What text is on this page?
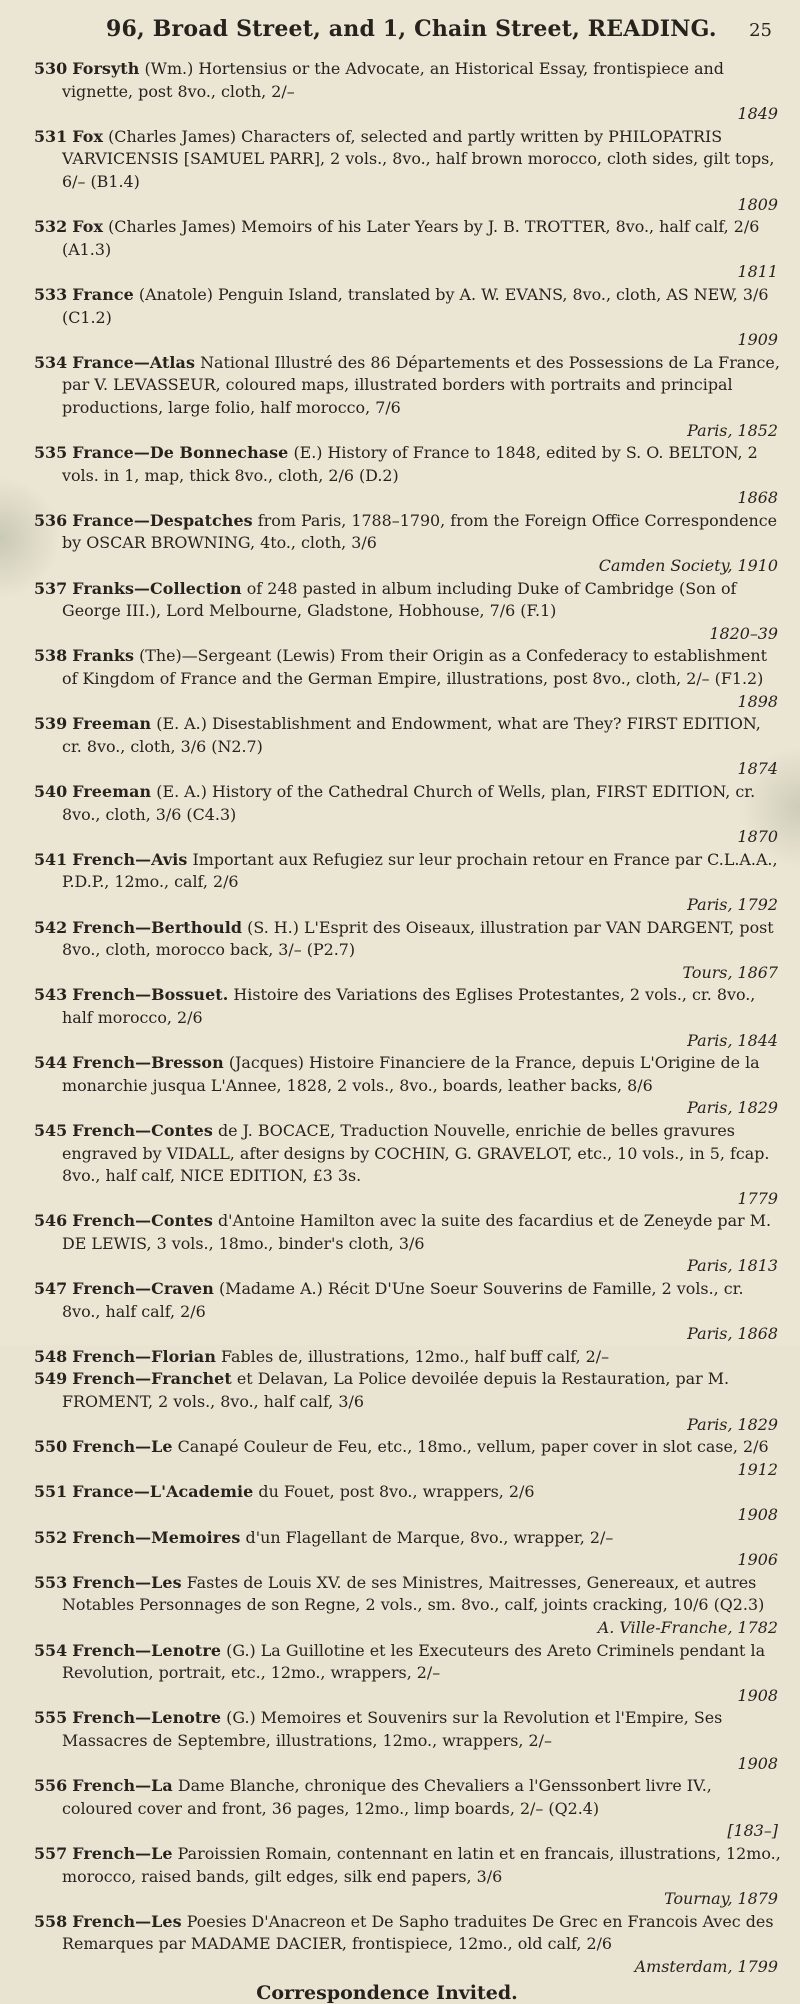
96, Broad Street, and 1, Chain Street, READING. 25
530 Forsyth (Wm.) Hortensius or the Advocate, an Historical Essay, frontispiece and vignette, post 8vo., cloth, 2/–
1849
531 Fox (Charles James) Characters of, selected and partly written by PHILOPATRIS VARVICENSIS [SAMUEL PARR], 2 vols., 8vo., half brown morocco, cloth sides, gilt tops, 6/– (B1.4)
1809
532 Fox (Charles James) Memoirs of his Later Years by J. B. TROTTER, 8vo., half calf, 2/6 (A1.3)
1811
533 France (Anatole) Penguin Island, translated by A. W. EVANS, 8vo., cloth, AS NEW, 3/6 (C1.2)
1909
534 France—Atlas National Illustré des 86 Départements et des Possessions de La France, par V. LEVASSEUR, coloured maps, illustrated borders with portraits and principal productions, large folio, half morocco, 7/6
Paris, 1852
535 France—De Bonnechase (E.) History of France to 1848, edited by S. O. BELTON, 2 vols. in 1, map, thick 8vo., cloth, 2/6 (D.2)
1868
536 France—Despatches from Paris, 1788–1790, from the Foreign Office Correspondence by OSCAR BROWNING, 4to., cloth, 3/6
Camden Society, 1910
537 Franks—Collection of 248 pasted in album including Duke of Cambridge (Son of George III.), Lord Melbourne, Gladstone, Hobhouse, 7/6 (F.1)
1820–39
538 Franks (The)—Sergeant (Lewis) From their Origin as a Confederacy to establishment of Kingdom of France and the German Empire, illustrations, post 8vo., cloth, 2/– (F1.2)
1898
539 Freeman (E. A.) Disestablishment and Endowment, what are They? FIRST EDITION, cr. 8vo., cloth, 3/6 (N2.7)
1874
540 Freeman (E. A.) History of the Cathedral Church of Wells, plan, FIRST EDITION, cr. 8vo., cloth, 3/6 (C4.3)
1870
541 French—Avis Important aux Refugiez sur leur prochain retour en France par C.L.A.A., P.D.P., 12mo., calf, 2/6
Paris, 1792
542 French—Berthould (S. H.) L'Esprit des Oiseaux, illustration par VAN DARGENT, post 8vo., cloth, morocco back, 3/– (P2.7)
Tours, 1867
543 French—Bossuet. Histoire des Variations des Eglises Protestantes, 2 vols., cr. 8vo., half morocco, 2/6
Paris, 1844
544 French—Bresson (Jacques) Histoire Financiere de la France, depuis L'Origine de la monarchie jusqua L'Annee, 1828, 2 vols., 8vo., boards, leather backs, 8/6
Paris, 1829
545 French—Contes de J. BOCACE, Traduction Nouvelle, enrichie de belles gravures engraved by VIDALL, after designs by COCHIN, G. GRAVELOT, etc., 10 vols., in 5, fcap. 8vo., half calf, NICE EDITION, £3 3s.
1779
546 French—Contes d'Antoine Hamilton avec la suite des facardius et de Zeneyde par M. DE LEWIS, 3 vols., 18mo., binder's cloth, 3/6
Paris, 1813
547 French—Craven (Madame A.) Récit D'Une Soeur Souverins de Famille, 2 vols., cr. 8vo., half calf, 2/6
Paris, 1868
548 French—Florian Fables de, illustrations, 12mo., half buff calf, 2/–
549 French—Franchet et Delavan, La Police devoilée depuis la Restauration, par M. FROMENT, 2 vols., 8vo., half calf, 3/6
Paris, 1829
550 French—Le Canapé Couleur de Feu, etc., 18mo., vellum, paper cover in slot case, 2/6
1912
551 France—L'Academie du Fouet, post 8vo., wrappers, 2/6
1908
552 French—Memoires d'un Flagellant de Marque, 8vo., wrapper, 2/–
1906
553 French—Les Fastes de Louis XV. de ses Ministres, Maitresses, Genereaux, et autres Notables Personnages de son Regne, 2 vols., sm. 8vo., calf, joints cracking, 10/6 (Q2.3)
A. Ville-Franche, 1782
554 French—Lenotre (G.) La Guillotine et les Executeurs des Areto Criminels pendant la Revolution, portrait, etc., 12mo., wrappers, 2/–
1908
555 French—Lenotre (G.) Memoires et Souvenirs sur la Revolution et l'Empire, Ses Massacres de Septembre, illustrations, 12mo., wrappers, 2/–
1908
556 French—La Dame Blanche, chronique des Chevaliers a l'Genssonbert livre IV., coloured cover and front, 36 pages, 12mo., limp boards, 2/– (Q2.4)
[183–]
557 French—Le Paroissien Romain, contennant en latin et en francais, illustrations, 12mo., morocco, raised bands, gilt edges, silk end papers, 3/6
Tournay, 1879
558 French—Les Poesies D'Anacreon et De Sapho traduites De Grec en Francois Avec des Remarques par MADAME DACIER, frontispiece, 12mo., old calf, 2/6
Amsterdam, 1799
Correspondence Invited.
